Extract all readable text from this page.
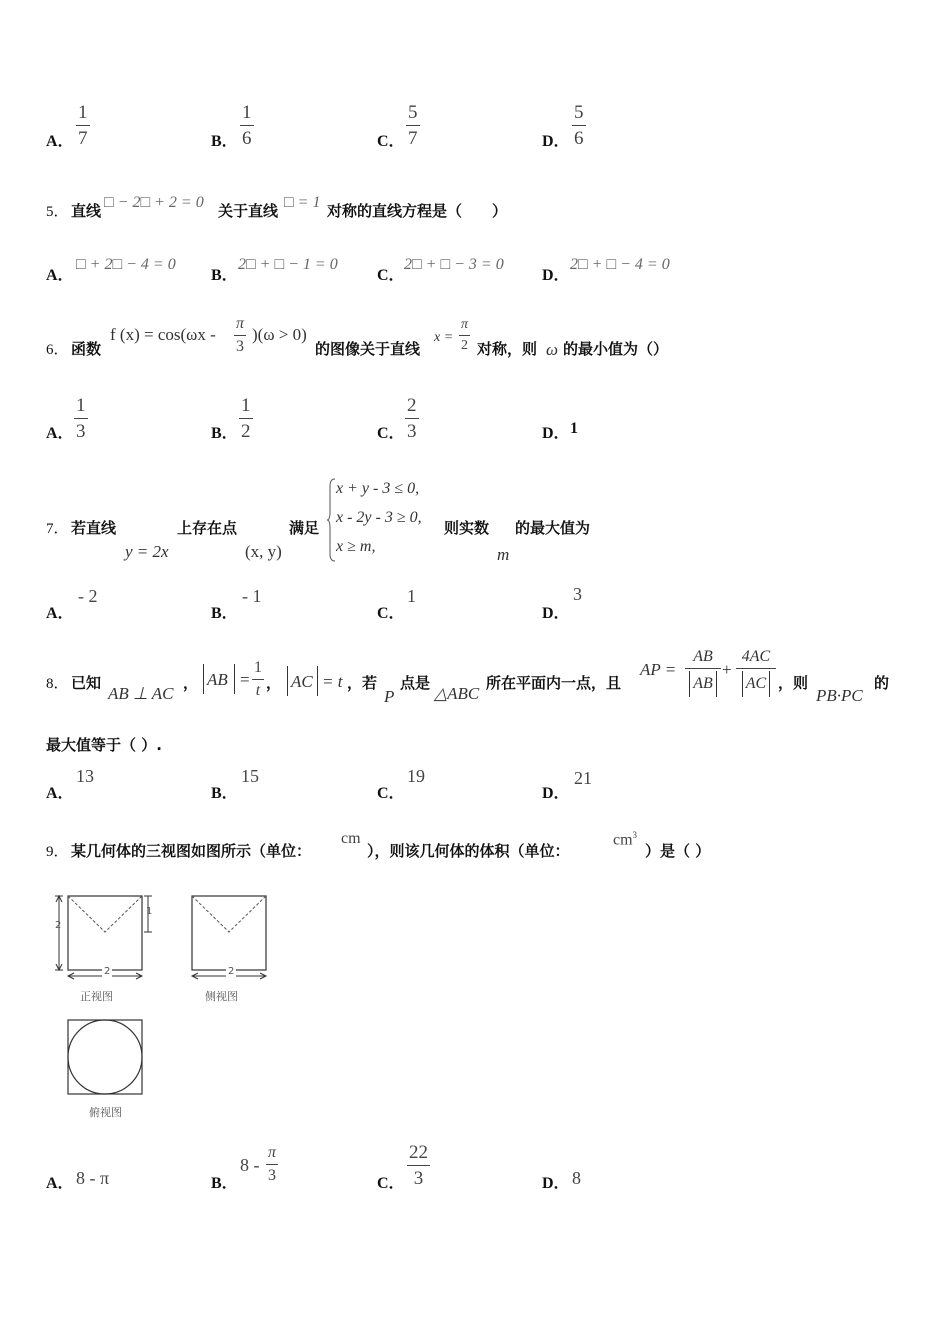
A．
1
7	B．
1
6	C．
5
7	D．
5
6
5． 直线 □ − 2□ + 2 = 0 关于直线 □ = 1 对称的直线方程是（　　）
A．
□ + 2□ − 4 = 0
B．
2□ + □ − 1 = 0
C．
2□ + □ − 3 = 0
D．
2□ + □ − 4 = 0
6． 函数
f (x) = cos(ωx -
π
3
)(ω > 0)
的图像关于直线
x =
π
2 对称，则 ω 的最小值为（）
A．
1
3	B．
1
2	C．
2
3	D． 1
7． 若直线
y = 2x
上存在点
(x, y)
满足
x + y - 3 ≤ 0,
x - 2y - 3 ≥ 0,
x ≥ m,
则实数
m
的最大值为
A．
- 2
B．
- 1
C．
1
D．
3
8． 已知
AB ⊥ AC
， AB =
1
t ， AC = t ，若
P
点是
△ABC
所在平面内一点，且
AP =
AB
AB
+
4AC
AC ，则
PB·PC
的
最大值等于（ ）.
A．
13
B．
15
C．
19
D．
21
9． 某几何体的三视图如图所示（单位：
cm
），则该几何体的体积（单位：
$cm^3$
）是（ ）
2
1
2	2
正视图	侧视图
俯视图
A． 8 - π	B．
8 -
π
3	C．
22
3	D． 8
